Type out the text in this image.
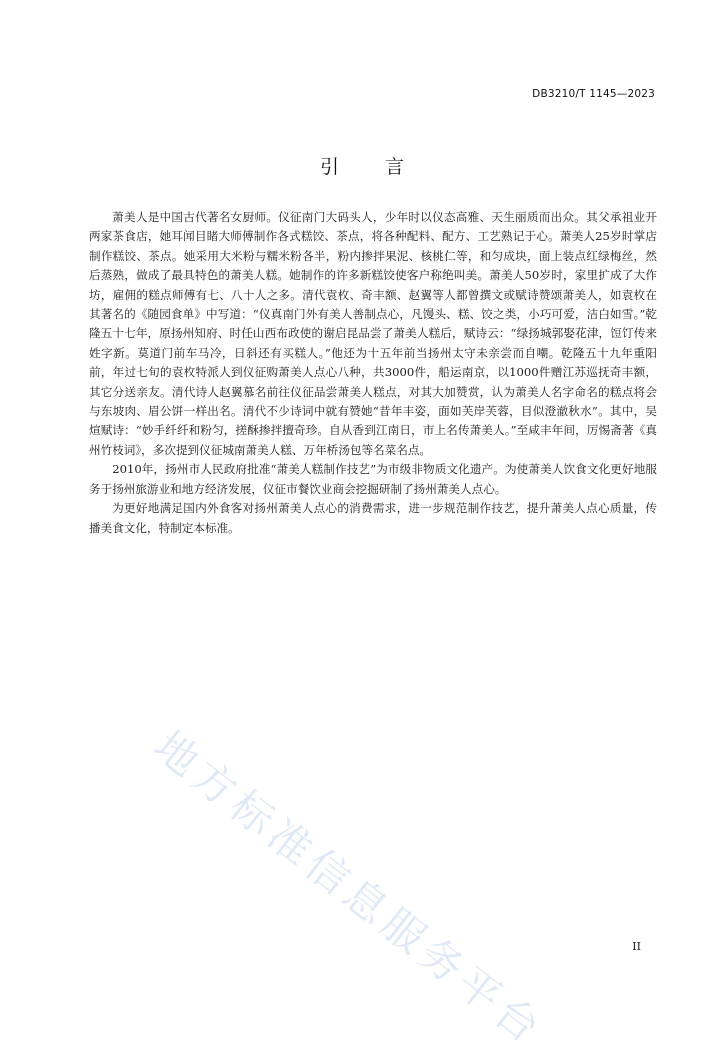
DB3210/T 1145—2023
引言

萧美人是中国古代著名女厨师。仪征南门大码头人，少年时以仪态高雅、天生丽质而出众。其父承祖业开两家茶食店，她耳闻目睹大师傅制作各式糕饺、茶点，将各种配料、配方、工艺熟记于心。萧美人25岁时掌店制作糕饺、茶点。她采用大米粉与糯米粉各半，粉内掺拌果泥、核桃仁等，和匀成块，面上装点红绿梅丝，然后蒸熟，做成了最具特色的萧美人糕。她制作的许多新糕饺使客户称绝叫美。萧美人50岁时，家里扩成了大作坊，雇佣的糕点师傅有七、八十人之多。清代袁枚、奇丰额、赵翼等人都曾撰文或赋诗赞颂萧美人，如袁枚在其著名的《随园食单》中写道：“仪真南门外有美人善制点心，凡馒头、糕、饺之类，小巧可爱，洁白如雪。”乾隆五十七年，原扬州知府、时任山西布政使的谢启昆品尝了萧美人糕后，赋诗云：“绿扬城郭娶花津，饾饤传来姓字新。莫道门前车马冷，日斜还有买糕人。”他还为十五年前当扬州太守未亲尝而自嘲。乾隆五十九年重阳前，年过七旬的袁枚特派人到仪征购萧美人点心八种，共3000件，船运南京，以1000件赠江苏巡抚奇丰额，其它分送亲友。清代诗人赵翼慕名前往仪征品尝萧美人糕点，对其大加赞赏，认为萧美人名字命名的糕点将会与东坡肉、眉公饼一样出名。清代不少诗词中就有赞她“昔年丰姿，面如芙岸芙蓉，目似澄澈秋水”。其中，吴煊赋诗：“妙手纤纤和粉匀，搓酥掺拌擅奇珍。自从香到江南日，市上名传萧美人。”至咸丰年间，厉惕斋著《真州竹枝词》，多次提到仪征城南萧美人糕、万年桥汤包等名菜名点。

2010年，扬州市人民政府批准“萧美人糕制作技艺”为市级非物质文化遗产。为使萧美人饮食文化更好地服务于扬州旅游业和地方经济发展，仪征市餐饮业商会挖掘研制了扬州萧美人点心。

为更好地满足国内外食客对扬州萧美人点心的消费需求，进一步规范制作技艺，提升萧美人点心质量，传播美食文化，特制定本标准。

地方标准信息服务平台	II
